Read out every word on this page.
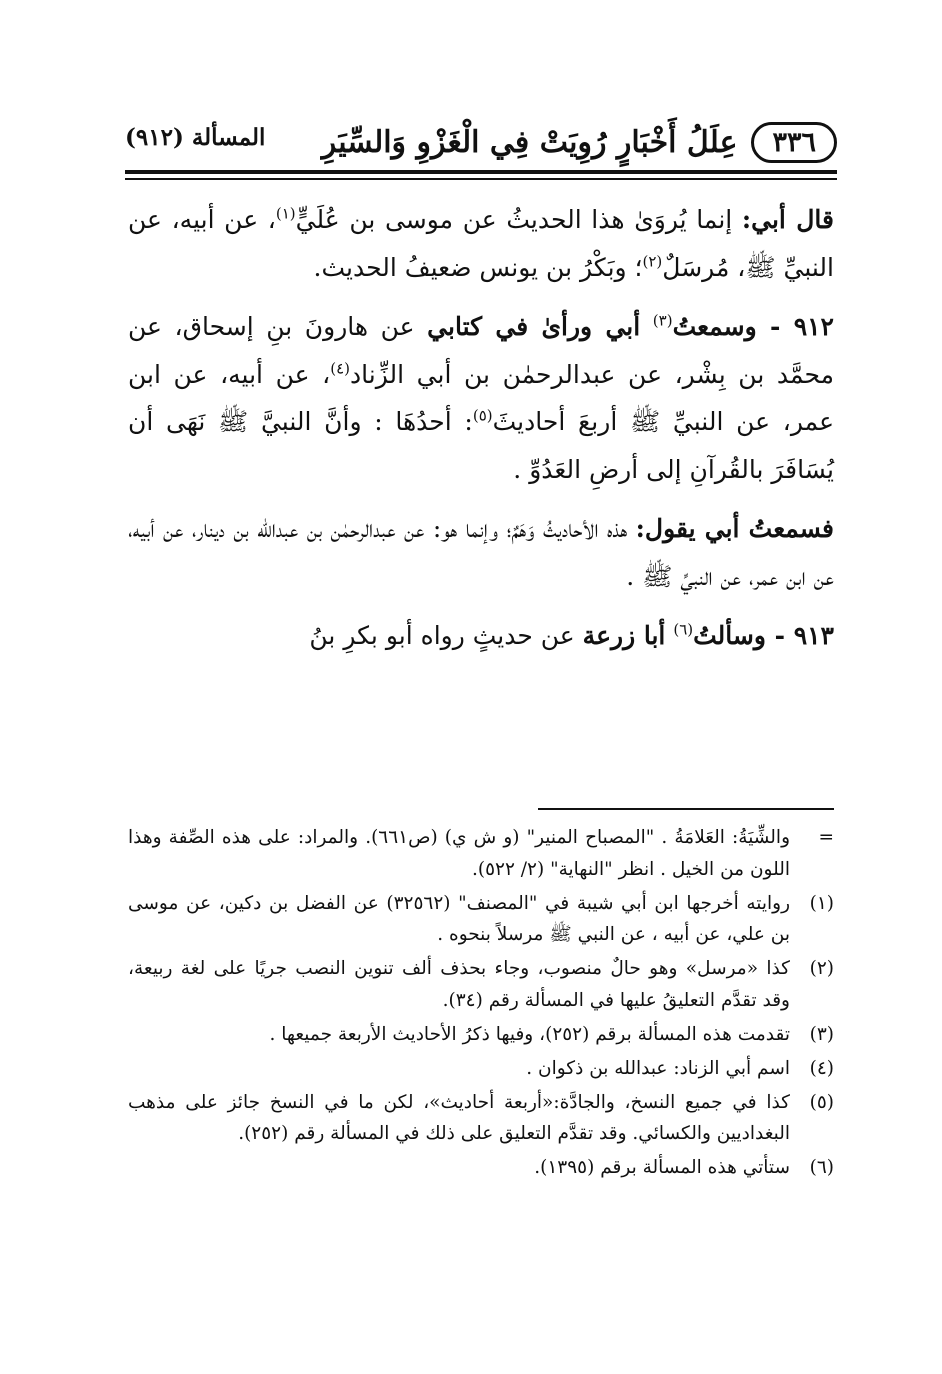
٣٣٦
عِلَلُ أَخْبَارٍ رُوِيَتْ فِي الْغَزْوِ وَالسِّيَرِ
المسألة (٩١٢)

قال أبي: إنما يُروَىٰ هذا الحديثُ عن موسى بن عُلَيٍّ$^{(١)}$، عن أبيه، عن النبيِّ ﷺ، مُرسَلٌ$^{(٢)}$؛ وبَكْرُ بن يونس ضعيفُ الحديث.

٩١٢ - وسمعتُ$^{(٣)}$ أبي ورأىٰ في كتابي عن هارونَ بنِ إسحاق، عن محمَّد بن بِشْر، عن عبدالرحمٰن بن أبي الزِّناد$^{(٤)}$، عن أبيه، عن ابن عمر، عن النبيِّ ﷺ أربعَ أحاديثَ$^{(٥)}$: أحدُهَا : وأنَّ النبيَّ ﷺ نَهَى أن يُسَافَرَ بالقُرآنِ إلى أرضِ العَدُوِّ .

فسمعتُ أبي يقول: هذه الأحاديثُ وَهَمٌ؛ وإنما هو: عن عبدالرحمٰن بن عبدالله بن دينار، عن أبيه، عن ابن عمر، عن النبيِّ ﷺ .

٩١٣ - وسألتُ$^{(٦)}$ أبا زرعة عن حديثٍ رواه أبو بكرِ بنُ

=
والشِّيَةُ: العَلامَةُ . "المصباح المنير" (و ش ي) (ص٦٦١). والمراد: على هذه الصِّفة وهذا اللون من الخيل . انظر "النهاية" (٢/ ٥٢٢).
(١)
روايته أخرجها ابن أبي شيبة في "المصنف" (٣٢٥٦٢) عن الفضل بن دكين، عن موسى بن علي، عن أبيه ، عن النبي ﷺ مرسلاً بنحوه .
(٢)
كذا «مرسل» وهو حالٌ منصوب، وجاء بحذف ألف تنوين النصب جريًا على لغة ربيعة، وقد تقدَّم التعليقُ عليها في المسألة رقم (٣٤).
(٣)
تقدمت هذه المسألة برقم (٢٥٢)، وفيها ذكرُ الأحاديث الأربعة جميعها .
(٤)
اسم أبي الزناد: عبدالله بن ذكوان .
(٥)
كذا في جميع النسخ، والجادَّة:«أربعة أحاديث»، لكن ما في النسخ جائز على مذهب البغداديين والكسائي. وقد تقدَّم التعليق على ذلك في المسألة رقم (٢٥٢).
(٦)
ستأتي هذه المسألة برقم (١٣٩٥).
